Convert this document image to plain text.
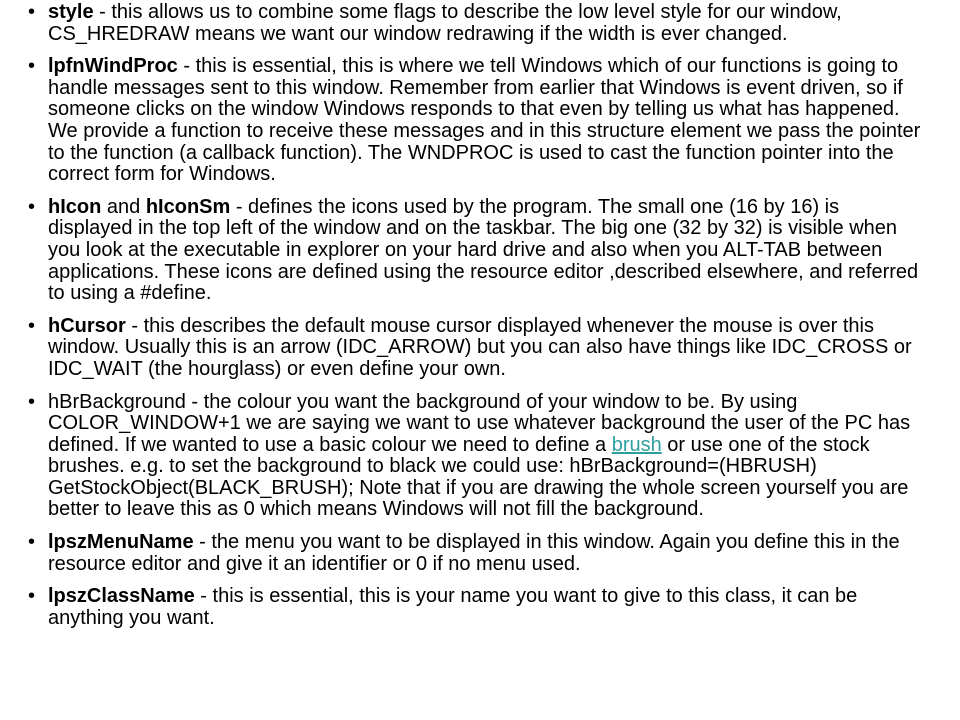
• style - this allows us to combine some flags to describe the low level style for our window, CS_HREDRAW means we want our window redrawing if the width is ever changed.
• lpfnWindProc - this is essential, this is where we tell Windows which of our functions is going to handle messages sent to this window. Remember from earlier that Windows is event driven, so if someone clicks on the window Windows responds to that even by telling us what has happened. We provide a function to receive these messages and in this structure element we pass the pointer to the function (a callback function). The WNDPROC is used to cast the function pointer into the correct form for Windows.
• hIcon and hIconSm - defines the icons used by the program. The small one (16 by 16) is displayed in the top left of the window and on the taskbar. The big one (32 by 32) is visible when you look at the executable in explorer on your hard drive and also when you ALT-TAB between applications. These icons are defined using the resource editor ,described elsewhere, and referred to using a #define.
• hCursor - this describes the default mouse cursor displayed whenever the mouse is over this window. Usually this is an arrow (IDC_ARROW) but you can also have things like IDC_CROSS or IDC_WAIT (the hourglass) or even define your own.
• hBrBackground - the colour you want the background of your window to be. By using COLOR_WINDOW+1 we are saying we want to use whatever background the user of the PC has defined. If we wanted to use a basic colour we need to define a brush or use one of the stock brushes. e.g. to set the background to black we could use: hBrBackground=(HBRUSH) GetStockObject(BLACK_BRUSH); Note that if you are drawing the whole screen yourself you are better to leave this as 0 which means Windows will not fill the background.
• lpszMenuName - the menu you want to be displayed in this window. Again you define this in the resource editor and give it an identifier or 0 if no menu used.
• lpszClassName - this is essential, this is your name you want to give to this class, it can be anything you want.
